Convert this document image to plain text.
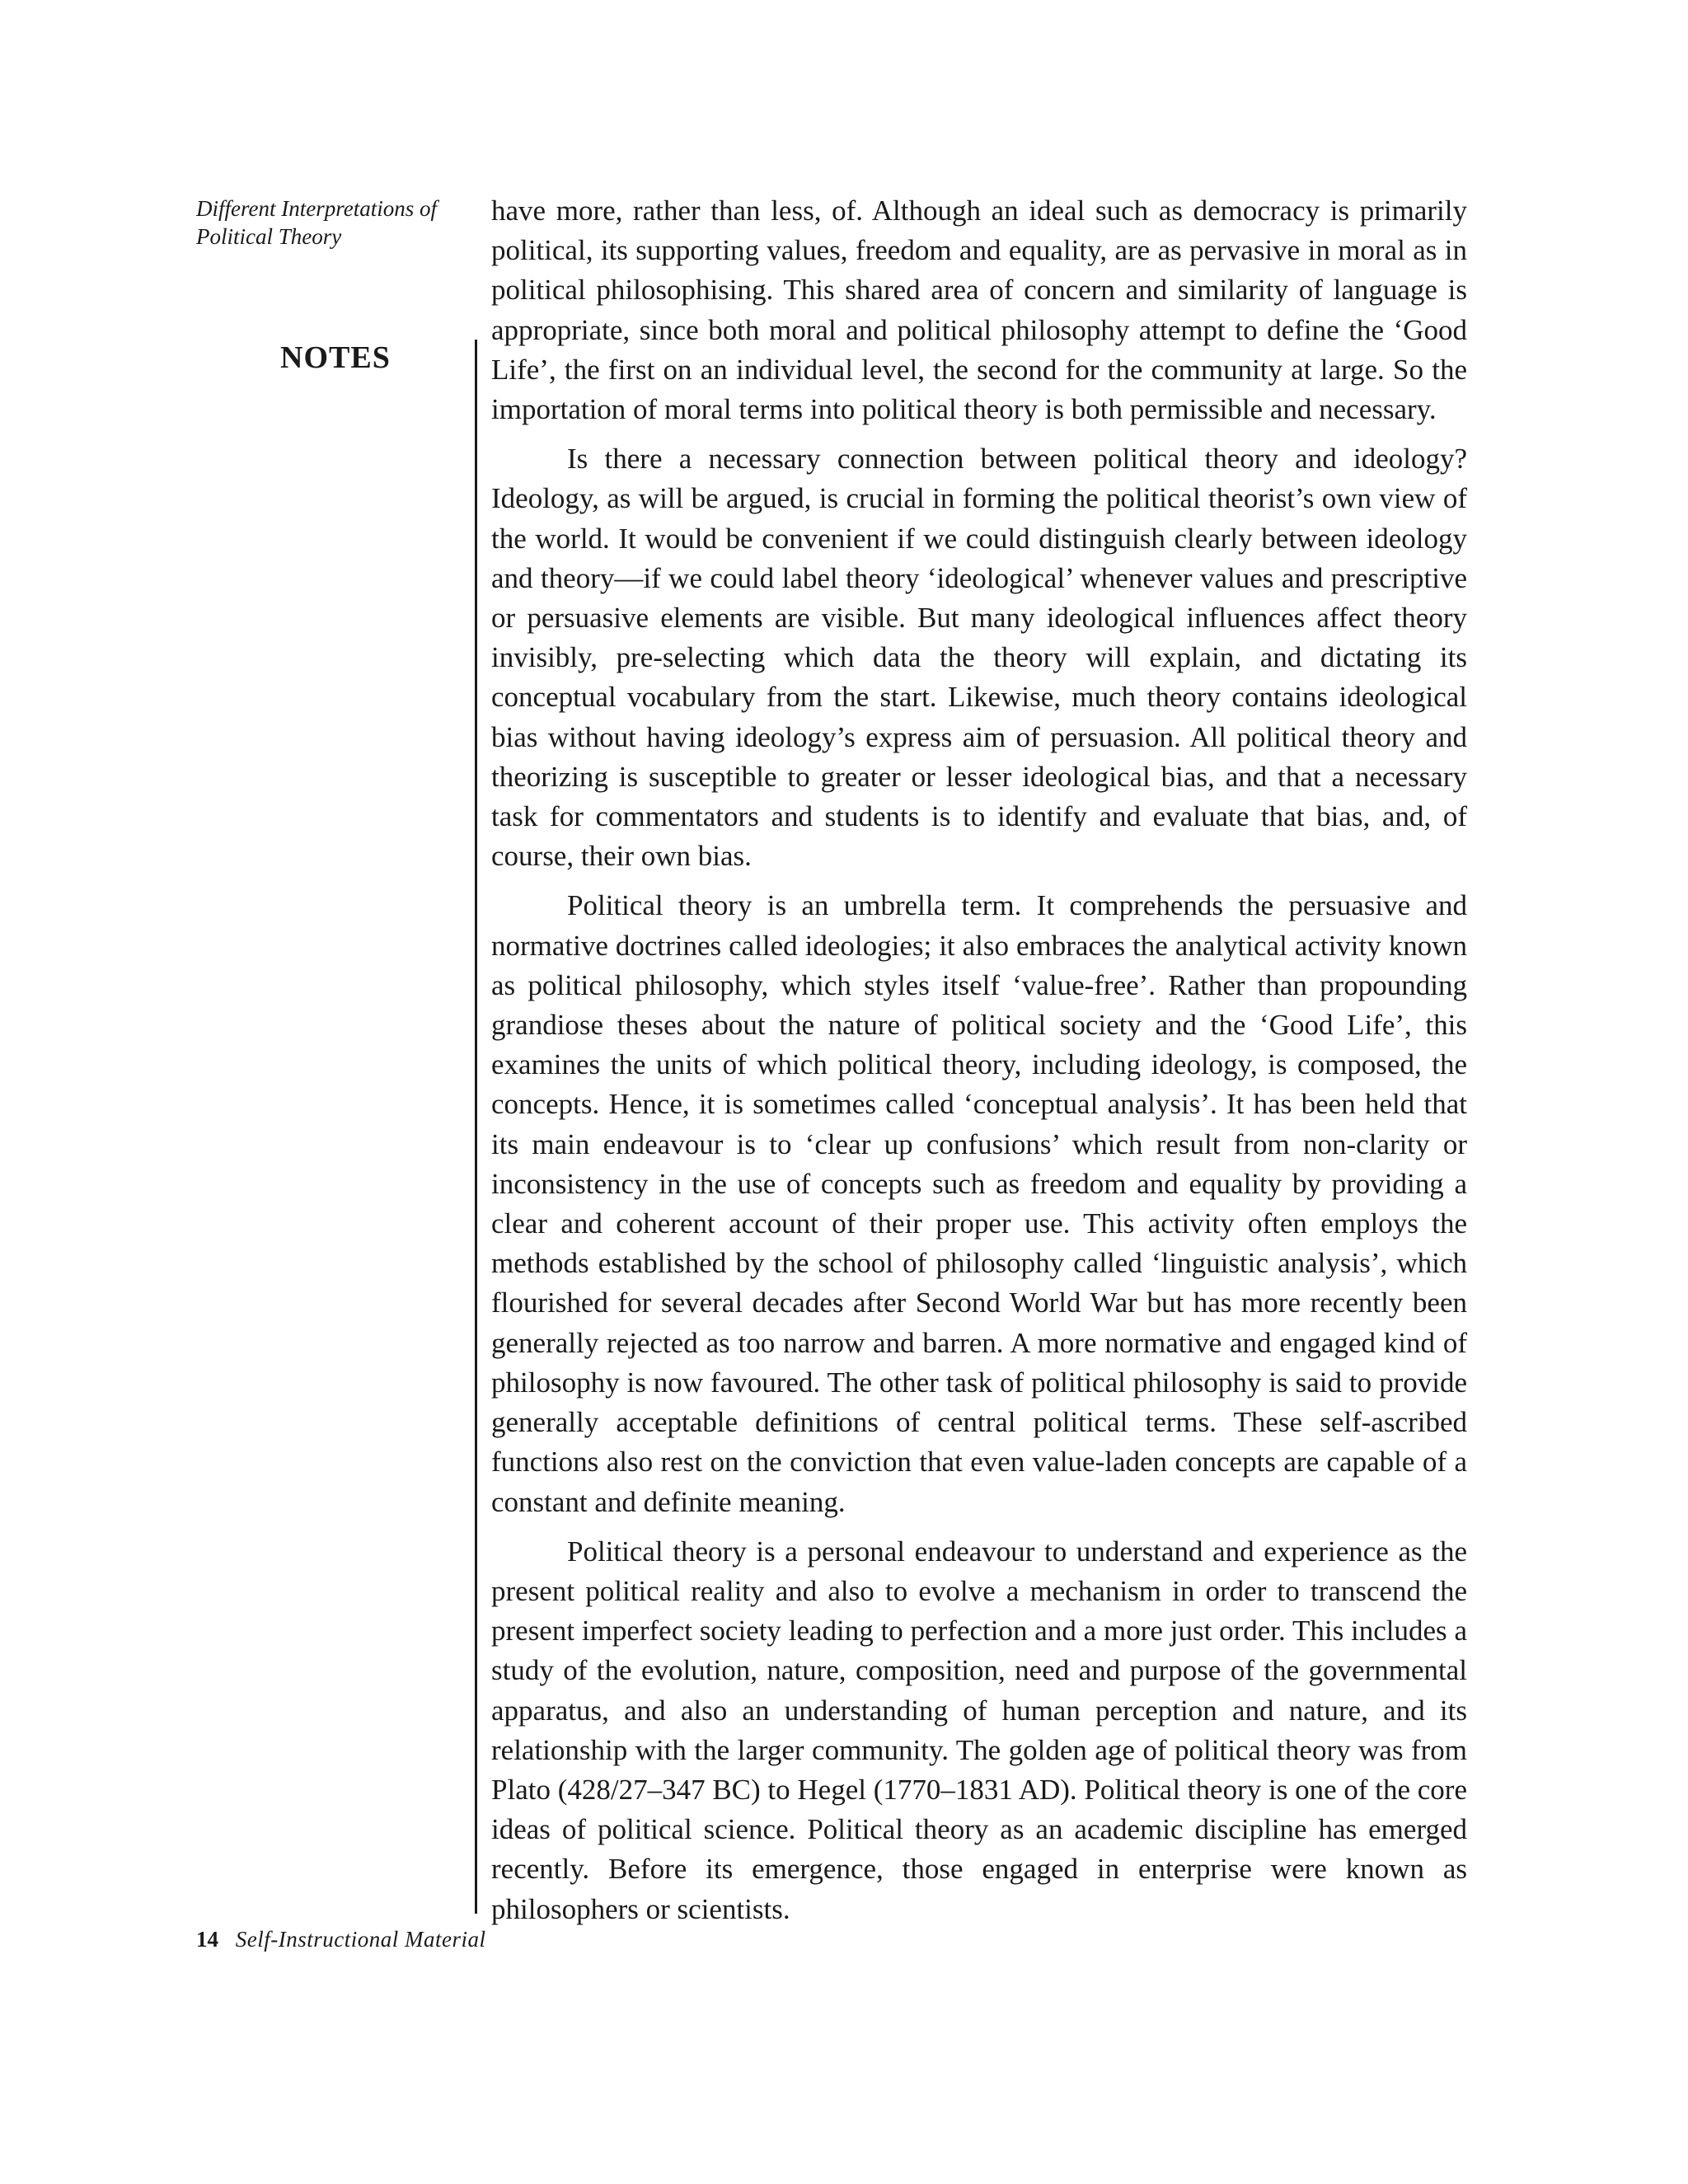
Different Interpretations of
Political Theory
NOTES

have more, rather than less, of. Although an ideal such as democracy is primarily political, its supporting values, freedom and equality, are as pervasive in moral as in political philosophising. This shared area of concern and similarity of language is appropriate, since both moral and political philosophy attempt to define the ‘Good Life’, the first on an individual level, the second for the community at large. So the importation of moral terms into political theory is both permissible and necessary.

Is there a necessary connection between political theory and ideology? Ideology, as will be argued, is crucial in forming the political theorist’s own view of the world. It would be convenient if we could distinguish clearly between ideology and theory—if we could label theory ‘ideological’ whenever values and prescriptive or persuasive elements are visible. But many ideological influences affect theory invisibly, pre-selecting which data the theory will explain, and dictating its conceptual vocabulary from the start. Likewise, much theory contains ideological bias without having ideology’s express aim of persuasion. All political theory and theorizing is susceptible to greater or lesser ideological bias, and that a necessary task for commentators and students is to identify and evaluate that bias, and, of course, their own bias.

Political theory is an umbrella term. It comprehends the persuasive and normative doctrines called ideologies; it also embraces the analytical activity known as political philosophy, which styles itself ‘value-free’. Rather than propounding grandiose theses about the nature of political society and the ‘Good Life’, this examines the units of which political theory, including ideology, is composed, the concepts. Hence, it is sometimes called ‘conceptual analysis’. It has been held that its main endeavour is to ‘clear up confusions’ which result from non-clarity or inconsistency in the use of concepts such as freedom and equality by providing a clear and coherent account of their proper use. This activity often employs the methods established by the school of philosophy called ‘linguistic analysis’, which flourished for several decades after Second World War but has more recently been generally rejected as too narrow and barren. A more normative and engaged kind of philosophy is now favoured. The other task of political philosophy is said to provide generally acceptable definitions of central political terms. These self-ascribed functions also rest on the conviction that even value-laden concepts are capable of a constant and definite meaning.

Political theory is a personal endeavour to understand and experience as the present political reality and also to evolve a mechanism in order to transcend the present imperfect society leading to perfection and a more just order. This includes a study of the evolution, nature, composition, need and purpose of the governmental apparatus, and also an understanding of human perception and nature, and its relationship with the larger community. The golden age of political theory was from Plato (428/27–347 BC) to Hegel (1770–1831 AD). Political theory is one of the core ideas of political science. Political theory as an academic discipline has emerged recently. Before its emergence, those engaged in enterprise were known as philosophers or scientists.

14 Self-Instructional Material
